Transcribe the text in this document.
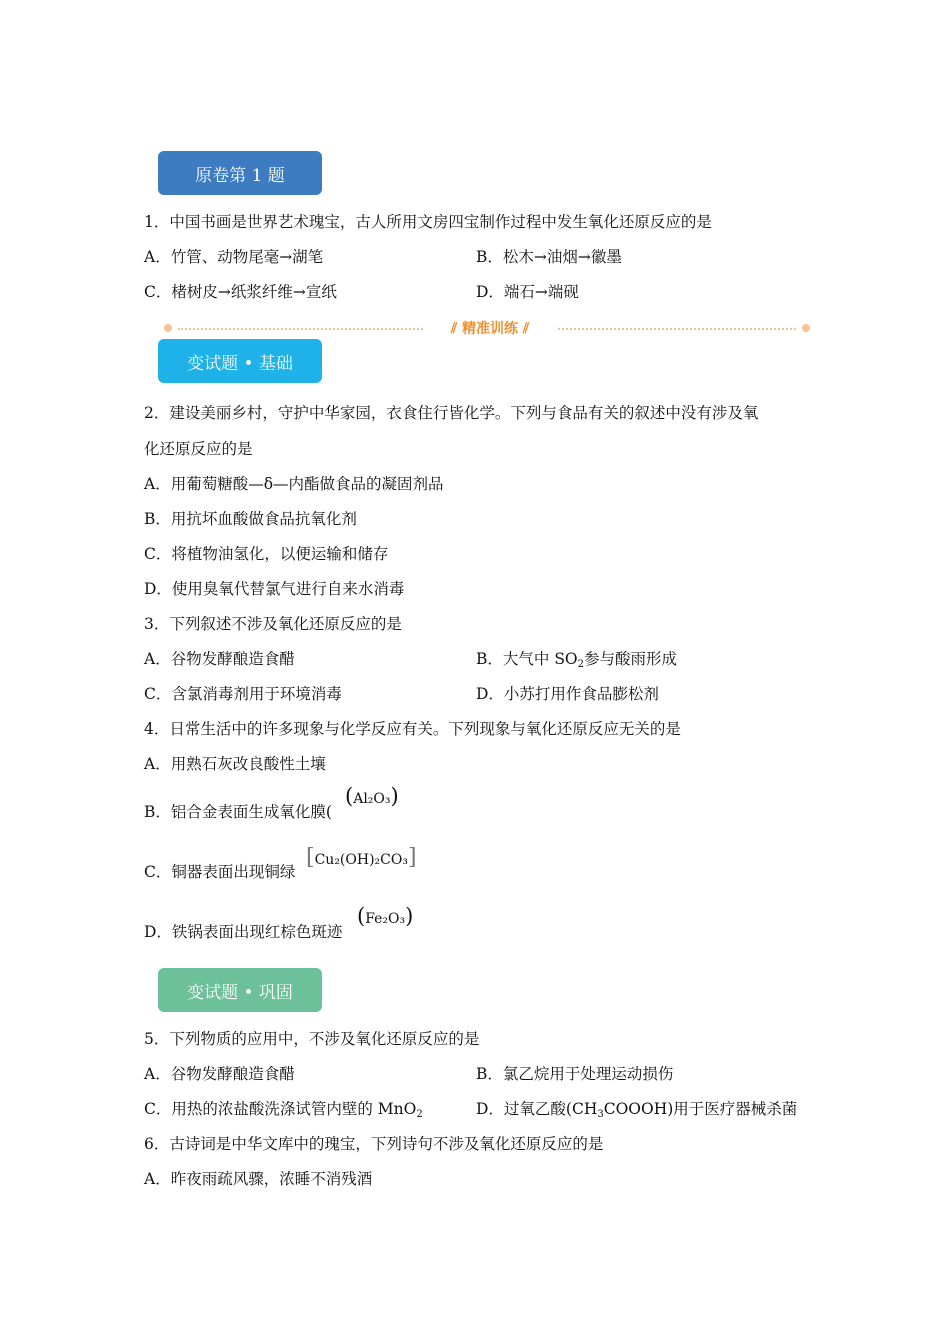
原卷第 1 题
1．中国书画是世界艺术瑰宝，古人所用文房四宝制作过程中发生氧化还原反应的是
A．竹管、动物尾毫→湖笔	B．松木→油烟→徽墨
C．楮树皮→纸浆纤维→宣纸	D．端石→端砚
⫽ 精准训练 ⫽
变试题 • 基础
2．建设美丽乡村，守护中华家园，衣食住行皆化学。下列与食品有关的叙述中没有涉及氧
化还原反应的是
A．用葡萄糖酸—δ—内酯做食品的凝固剂品
B．用抗坏血酸做食品抗氧化剂
C．将植物油氢化，以便运输和储存
D．使用臭氧代替氯气进行自来水消毒
3．下列叙述不涉及氧化还原反应的是
A．谷物发酵酿造食醋	B．大气中 $SO_2$参与酸雨形成
C．含氯消毒剂用于环境消毒	D．小苏打用作食品膨松剂
4．日常生活中的许多现象与化学反应有关。下列现象与氧化还原反应无关的是
A．用熟石灰改良酸性土壤
B．铝合金表面生成氧化膜(
(Al₂O₃)
C．铜器表面出现铜绿
[Cu₂(OH)₂CO₃]
D．铁锅表面出现红棕色斑迹
(Fe₂O₃)
变试题 • 巩固
5．下列物质的应用中，不涉及氧化还原反应的是
A．谷物发酵酿造食醋	B．氯乙烷用于处理运动损伤
C．用热的浓盐酸洗涤试管内壁的 MnO$_2$	D．过氧乙酸$(CH_3COOOH)$用于医疗器械杀菌
6．古诗词是中华文库中的瑰宝，下列诗句不涉及氧化还原反应的是
A．昨夜雨疏风骤，浓睡不消残酒
